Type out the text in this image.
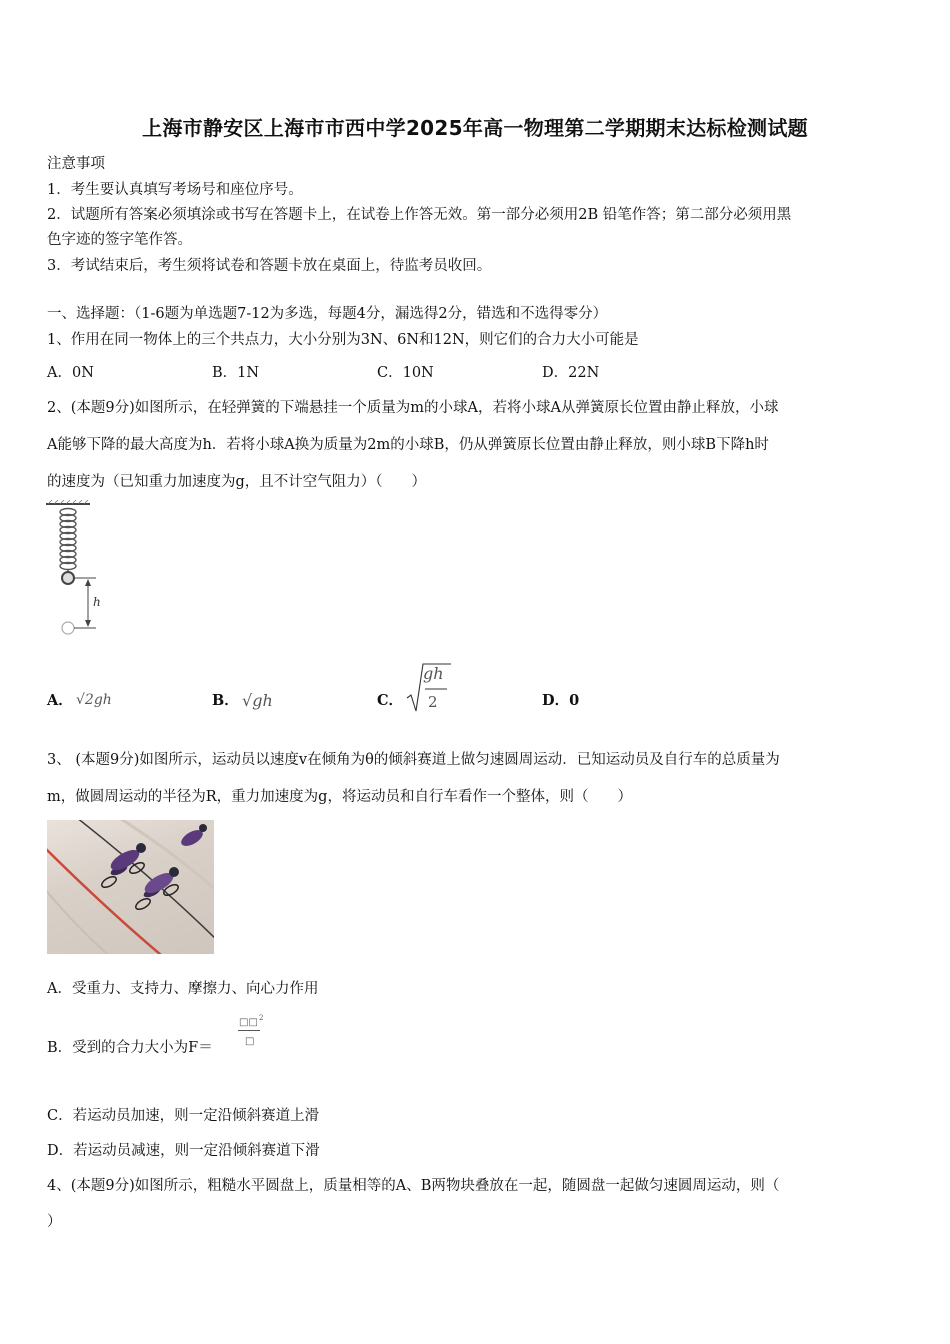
上海市静安区上海市市西中学2025年高一物理第二学期期末达标检测试题
注意事项
1．考生要认真填写考场号和座位序号。
2．试题所有答案必须填涂或书写在答题卡上，在试卷上作答无效。第一部分必须用2B 铅笔作答；第二部分必须用黑
色字迹的签字笔作答。
3．考试结束后，考生须将试卷和答题卡放在桌面上，待监考员收回。
一、选择题：（1-6题为单选题7-12为多选，每题4分，漏选得2分，错选和不选得零分）
1、作用在同一物体上的三个共点力，大小分别为3N、6N和12N，则它们的合力大小可能是
A．0N	B．1N	C．10N	D．22N
2、(本题9分)如图所示，在轻弹簧的下端悬挂一个质量为m的小球A，若将小球A从弹簧原长位置由静止释放，小球
A能够下降的最大高度为h．若将小球A换为质量为2m的小球B，仍从弹簧原长位置由静止释放，则小球B下降h时
的速度为（已知重力加速度为g，且不计空气阻力）（　　）
h
A． √2gh	B． √gh	C．
gh
2	D．0
3、 (本题9分)如图所示，运动员以速度v在倾角为θ的倾斜赛道上做匀速圆周运动．已知运动员及自行车的总质量为
m，做圆周运动的半径为R，重力加速度为g，将运动员和自行车看作一个整体，则（　　）
A．受重力、支持力、摩擦力、向心力作用
B．受到的合力大小为F＝
□□ 2
□
C．若运动员加速，则一定沿倾斜赛道上滑
D．若运动员减速，则一定沿倾斜赛道下滑
4、(本题9分)如图所示，粗糙水平圆盘上，质量相等的A、B两物块叠放在一起，随圆盘一起做匀速圆周运动，则（
）
